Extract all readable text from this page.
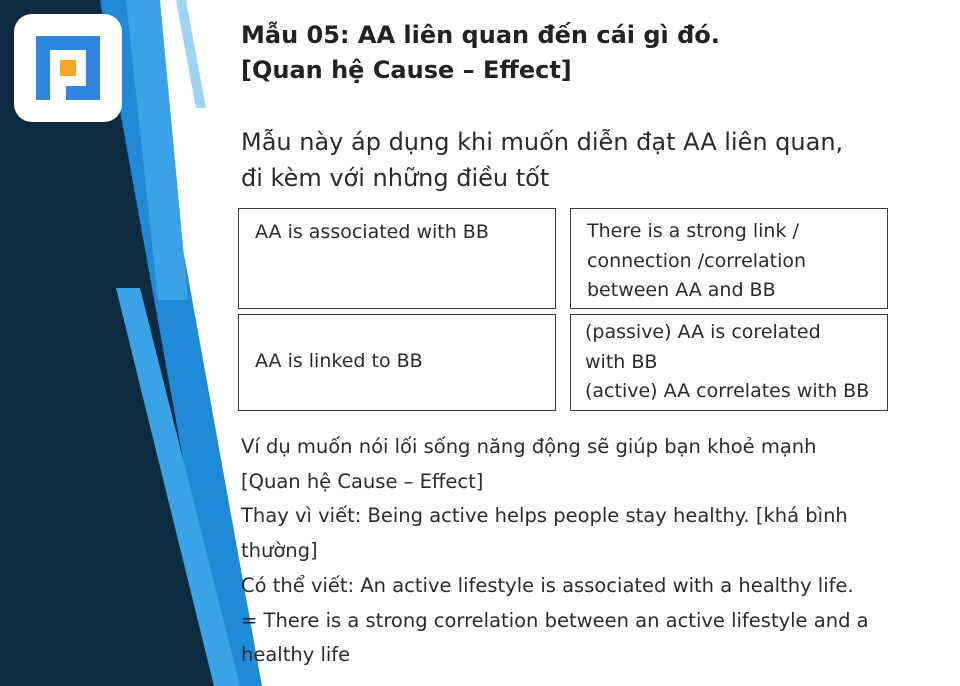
Mẫu 05: AA liên quan đến cái gì đó.
[Quan hệ Cause – Effect]
Mẫu này áp dụng khi muốn diễn đạt AA liên quan,
đi kèm với những điều tốt
AA is associated with BB	There is a strong link /
connection /correlation
between AA and BB
AA is linked to BB
(passive) AA is corelated
with BB
(active) AA correlates with BB
Ví dụ muốn nói lối sống năng động sẽ giúp bạn khoẻ mạnh
[Quan hệ Cause – Effect]
Thay vì viết: Being active helps people stay healthy. [khá bình
thường]
Có thể viết: An active lifestyle is associated with a healthy life.
= There is a strong correlation between an active lifestyle and a
healthy life
